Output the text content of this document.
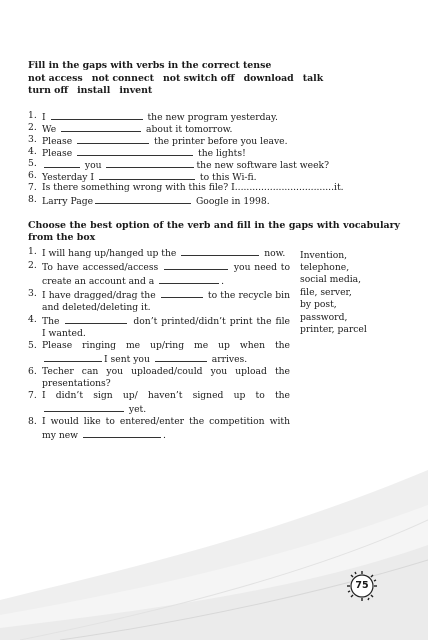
Fill in the gaps with verbs in the correct tense
not access not connect not switch off download talk
turn off install invent
1. I	the new program yesterday.
2. We	about it tomorrow.
3. Please	the printer before you leave.
4. Please	the lights!
5.	you	the new software last week?
6. Yesterday I	to this Wi-fi.
7. Is there something wrong with this file? I..................................it.
8. Larry Page	Google in 1998.
Choose the best option of the verb and fill in the gaps with vocabulary from the box
1. I will hang up/hanged up the	now.
2. To have accessed/access	you need to create an account and a	.
3. I have dragged/drag the	to the recycle bin and deleted/deleting it.
4. The	don’t printed/didn’t print the file I wanted.
5. Please ringing me up/ring me up when the I sent you	arrives.
6. Techer can you uploaded/could you upload the presentations?
7. I didn’t sign up/ haven’t signed up to the  yet.
8. I would like to entered/enter the competition with my new	.
Invention,
telephone,
social media,
file, server,
by post,
password,
printer, parcel
75
